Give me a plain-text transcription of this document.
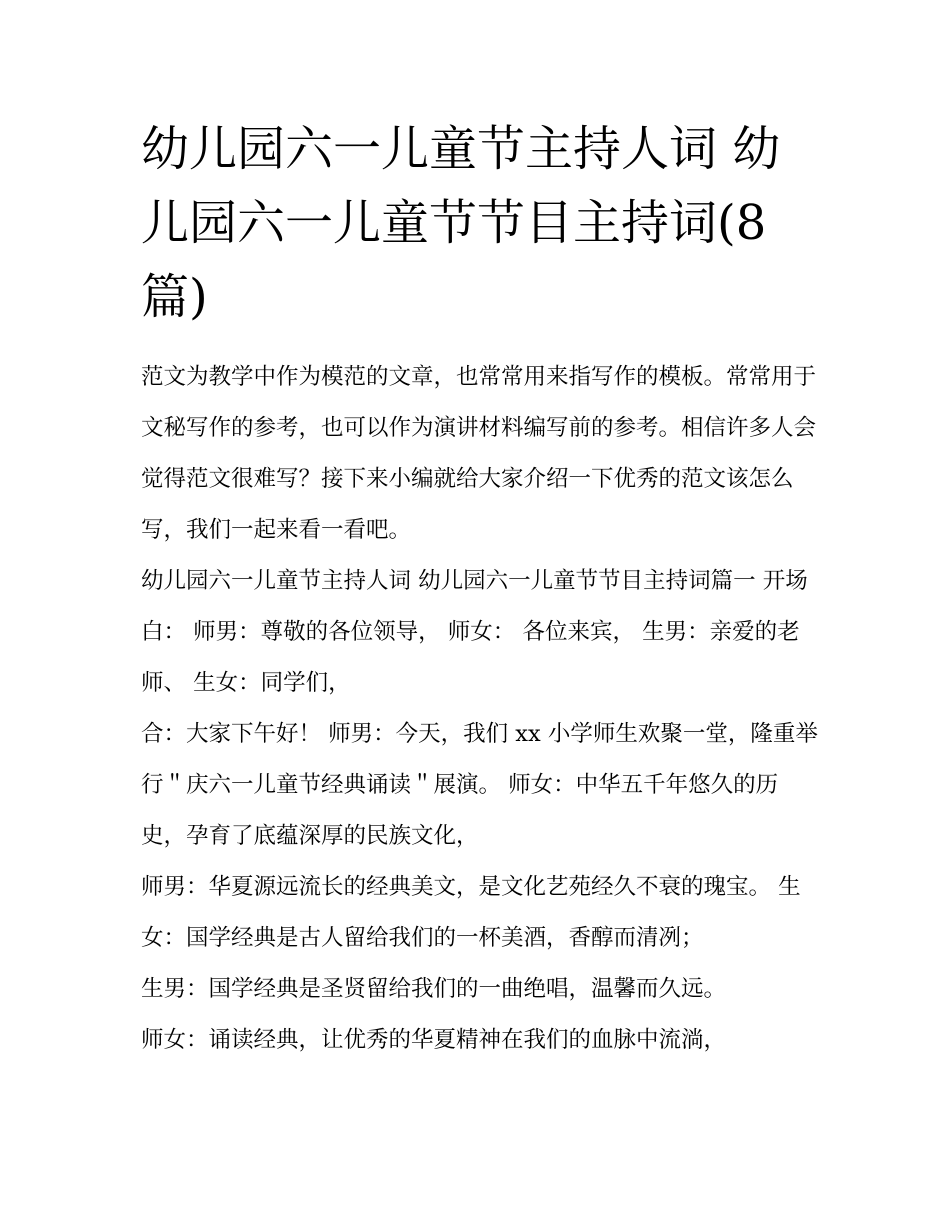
幼儿园六一儿童节主持人词 幼儿园六一儿童节节目主持词(8篇)

范文为教学中作为模范的文章，也常常用来指写作的模板。常常用于文秘写作的参考，也可以作为演讲材料编写前的参考。相信许多人会觉得范文很难写？接下来小编就给大家介绍一下优秀的范文该怎么写，我们一起来看一看吧。

幼儿园六一儿童节主持人词 幼儿园六一儿童节节目主持词篇一 开场白： 师男：尊敬的各位领导， 师女： 各位来宾， 生男：亲爱的老师、 生女：同学们，

合：大家下午好！ 师男：今天，我们 xx 小学师生欢聚一堂，隆重举行＂庆六一儿童节经典诵读＂展演。 师女：中华五千年悠久的历史，孕育了底蕴深厚的民族文化，

师男：华夏源远流长的经典美文，是文化艺苑经久不衰的瑰宝。 生女：国学经典是古人留给我们的一杯美酒，香醇而清冽；

生男：国学经典是圣贤留给我们的一曲绝唱，温馨而久远。

师女：诵读经典，让优秀的华夏精神在我们的血脉中流淌，
